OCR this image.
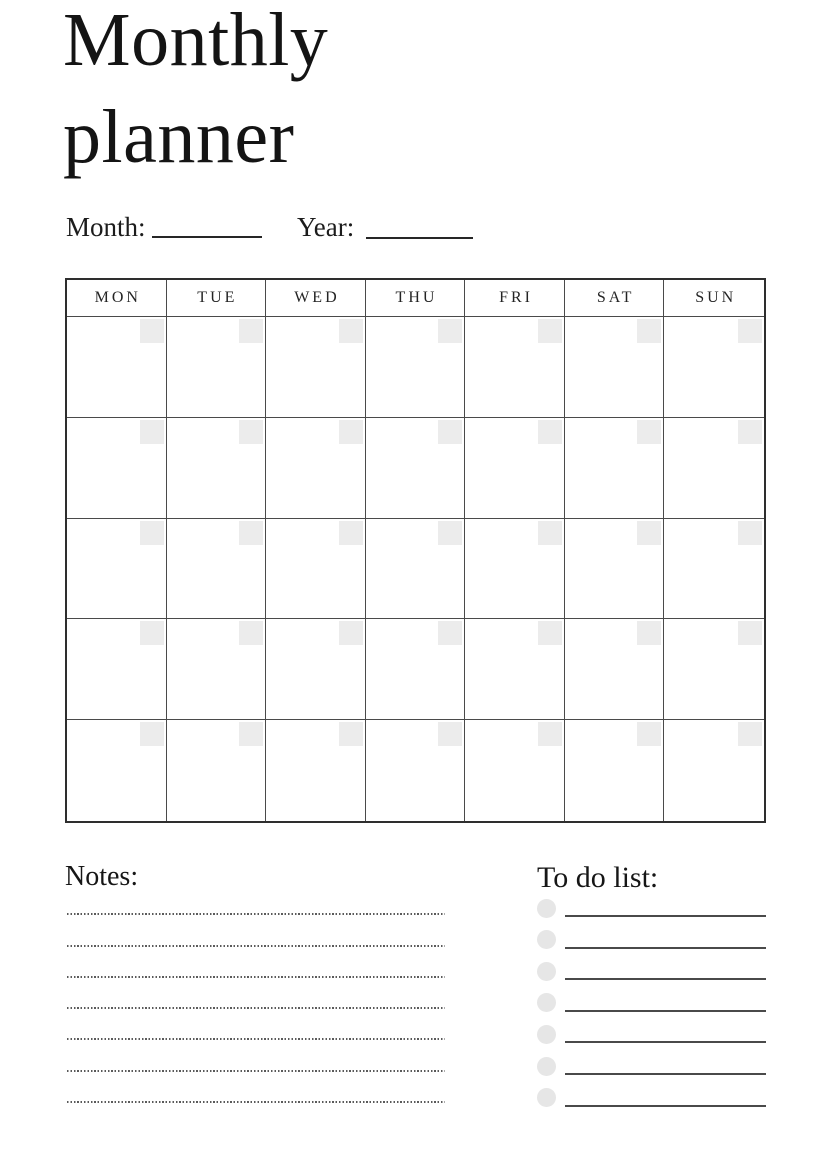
Monthly
planner
Month:	Year:
MON	TUE	WED	THU	FRI	SAT	SUN
Notes:	To do list:
